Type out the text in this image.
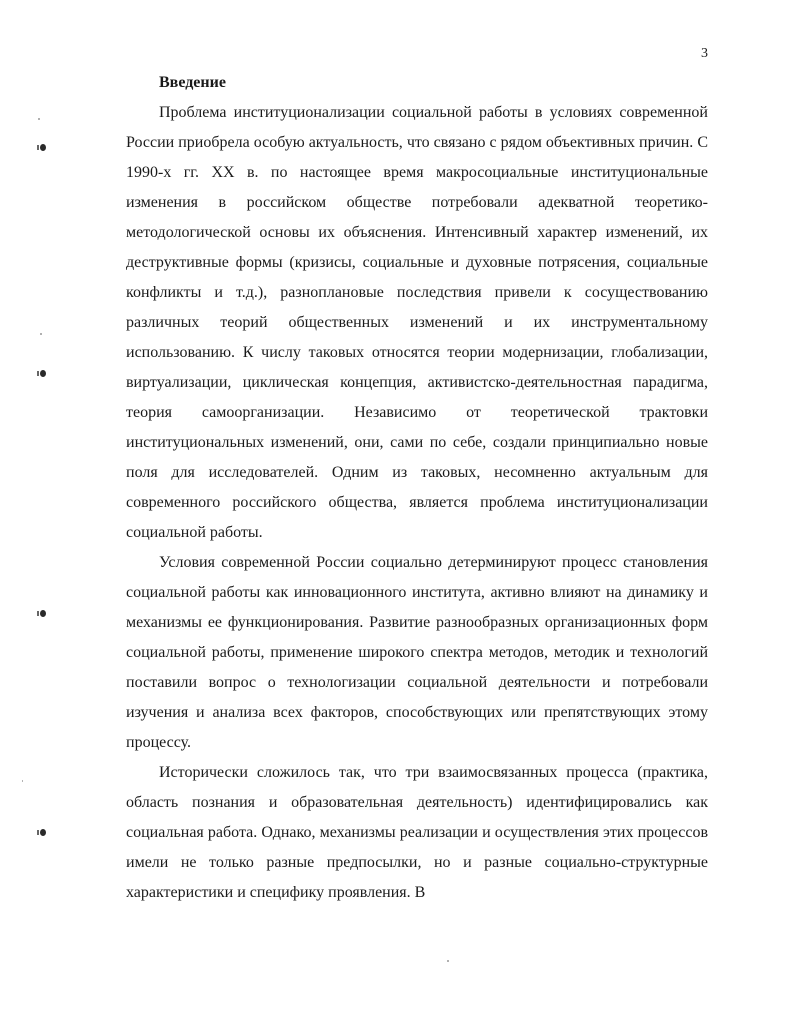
3
Введение

Проблема институционализации социальной работы в условиях современной России приобрела особую актуальность, что связано с рядом объективных причин. С 1990-х гг. XX в. по настоящее время макросоциальные институциональные изменения в российском обществе потребовали адекватной теоретико-методологической основы их объяснения. Интенсивный характер изменений, их деструктивные формы (кризисы, социальные и духовные потрясения, социальные конфликты и т.д.), разноплановые последствия привели к сосуществованию различных теорий общественных изменений и их инструментальному использованию. К числу таковых относятся теории модернизации, глобализации, виртуализации, циклическая концепция, активистско-деятельностная парадигма, теория самоорганизации. Независимо от теоретической трактовки институциональных изменений, они, сами по себе, создали принципиально новые поля для исследователей. Одним из таковых, несомненно актуальным для современного российского общества, является проблема институционализации социальной работы.

Условия современной России социально детерминируют процесс становления социальной работы как инновационного института, активно влияют на динамику и механизмы ее функционирования. Развитие разнообразных организационных форм социальной работы, применение широкого спектра методов, методик и технологий поставили вопрос о технологизации социальной деятельности и потребовали изучения и анализа всех факторов, способствующих или препятствующих этому процессу.

Исторически сложилось так, что три взаимосвязанных процесса (практика, область познания и образовательная деятельность) идентифицировались как социальная работа. Однако, механизмы реализации и осуществления этих процессов имели не только разные предпосылки, но и разные социально-структурные характеристики и специфику проявления. В
